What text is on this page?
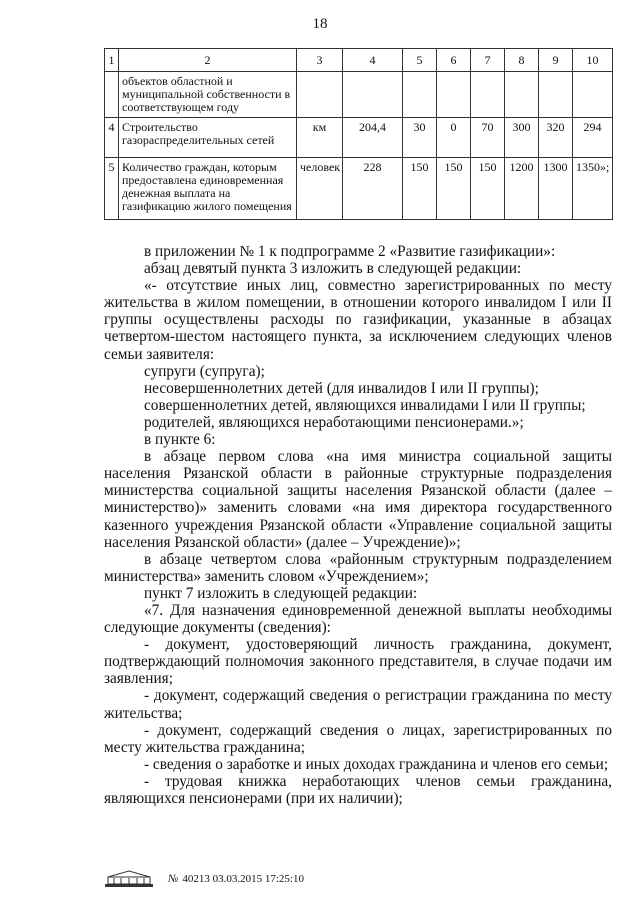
18
1	2	3	4	5	6	7	8	9	10
	объектов областной и муниципальной собственности в соответствующем году								
4	Строительство газораспределительных сетей	км	204,4	30	0	70	300	320	294
5	Количество граждан, которым предоставлена единовременная денежная выплата на газификацию жилого помещения	человек	228	150	150	150	1200	1300	1350»;

в приложении № 1 к подпрограмме 2 «Развитие газификации»:

абзац девятый пункта 3 изложить в следующей редакции:

«- отсутствие иных лиц, совместно зарегистрированных по месту жительства в жилом помещении, в отношении которого инвалидом I или II группы осуществлены расходы по газификации, указанные в абзацах четвертом-шестом настоящего пункта, за исключением следующих членов семьи заявителя:

супруги (супруга);

несовершеннолетних детей (для инвалидов I или II группы);

совершеннолетних детей, являющихся инвалидами I или II группы;

родителей, являющихся неработающими пенсионерами.»;

в пункте 6:

в абзаце первом слова «на имя министра социальной защиты населения Рязанской области в районные структурные подразделения министерства социальной защиты населения Рязанской области (далее – министерство)» заменить словами «на имя директора государственного казенного учреждения Рязанской области «Управление социальной защиты населения Рязанской области» (далее – Учреждение)»;

в абзаце четвертом слова «районным структурным подразделением министерства» заменить словом «Учреждением»;

пункт 7 изложить в следующей редакции:

«7. Для назначения единовременной денежной выплаты необходимы следующие документы (сведения):

- документ, удостоверяющий личность гражданина, документ, подтверждающий полномочия законного представителя, в случае подачи им заявления;

- документ, содержащий сведения о регистрации гражданина по месту жительства;

- документ, содержащий сведения о лицах, зарегистрированных по месту жительства гражданина;

- сведения о заработке и иных доходах гражданина и членов его семьи;

- трудовая книжка неработающих членов семьи гражданина, являющихся пенсионерами (при их наличии);

№ 40213 03.03.2015 17:25:10
